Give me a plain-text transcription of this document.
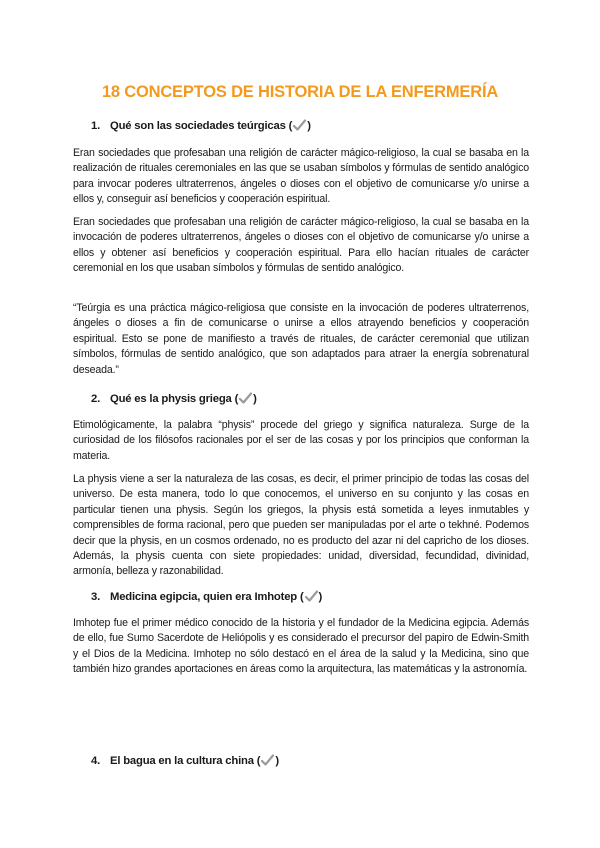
18 CONCEPTOS DE HISTORIA DE LA ENFERMERÍA
1. Qué son las sociedades teúrgicas ( )

Eran sociedades que profesaban una religión de carácter mágico-religioso, la cual se basaba en la realización de rituales ceremoniales en las que se usaban símbolos y fórmulas de sentido analógico para invocar poderes ultraterrenos, ángeles o dioses con el objetivo de comunicarse y/o unirse a ellos y, conseguir así beneficios y cooperación espiritual.

Eran sociedades que profesaban una religión de carácter mágico-religioso, la cual se basaba en la invocación de poderes ultraterrenos, ángeles o dioses con el objetivo de comunicarse y/o unirse a ellos y obtener así beneficios y cooperación espiritual. Para ello hacían rituales de carácter ceremonial en los que usaban símbolos y fórmulas de sentido analógico.

“Teúrgia es una práctica mágico-religiosa que consiste en la invocación de poderes ultraterrenos, ángeles o dioses a fin de comunicarse o unirse a ellos atrayendo beneficios y cooperación espiritual. Esto se pone de manifiesto a través de rituales, de carácter ceremonial que utilizan símbolos, fórmulas de sentido analógico, que son adaptados para atraer la energía sobrenatural deseada.”

2. Qué es la physis griega ( )

Etimológicamente, la palabra “physis” procede del griego y significa naturaleza. Surge de la curiosidad de los filósofos racionales por el ser de las cosas y por los principios que conforman la materia.

La physis viene a ser la naturaleza de las cosas, es decir, el primer principio de todas las cosas del universo. De esta manera, todo lo que conocemos, el universo en su conjunto y las cosas en particular tienen una physis. Según los griegos, la physis está sometida a leyes inmutables y comprensibles de forma racional, pero que pueden ser manipuladas por el arte o tekhné. Podemos decir que la physis, en un cosmos ordenado, no es producto del azar ni del capricho de los dioses. Además, la physis cuenta con siete propiedades: unidad, diversidad, fecundidad, divinidad, armonía, belleza y razonabilidad.

3. Medicina egipcia, quien era Imhotep ( )

Imhotep fue el primer médico conocido de la historia y el fundador de la Medicina egipcia. Además de ello, fue Sumo Sacerdote de Heliópolis y es considerado el precursor del papiro de Edwin-Smith y el Dios de la Medicina. Imhotep no sólo destacó en el área de la salud y la Medicina, sino que también hizo grandes aportaciones en áreas como la arquitectura, las matemáticas y la astronomía.

4. El bagua en la cultura china ( )
